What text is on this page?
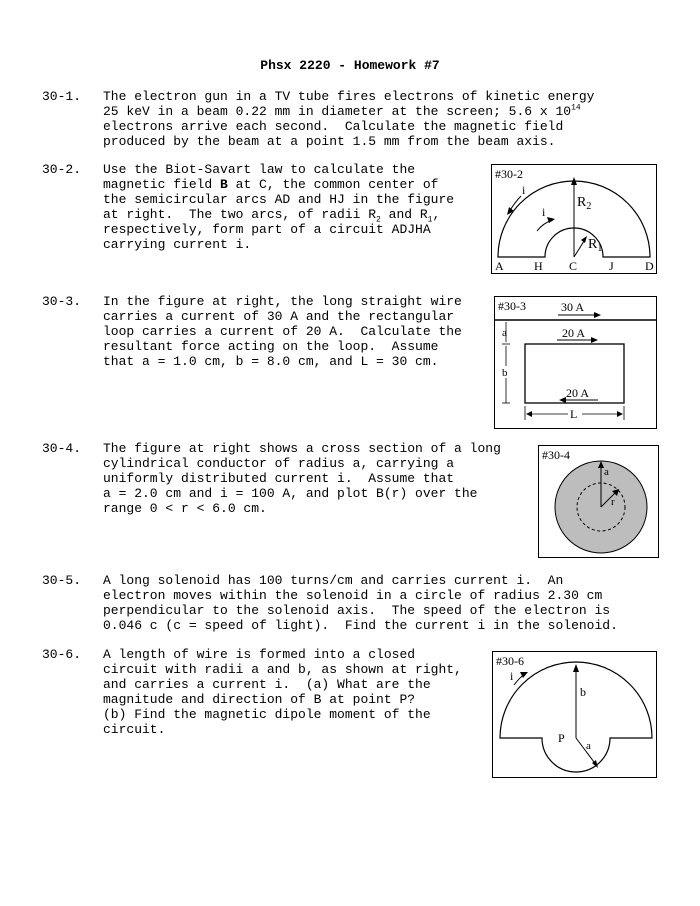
Phsx 2220 - Homework #7
30-1. The electron gun in a TV tube fires electrons of kinetic energy
25 keV in a beam 0.22 mm in diameter at the screen; 5.6 x $10^{14}$
electrons arrive each second.  Calculate the magnetic field
produced by the beam at a point 1.5 mm from the beam axis.
30-2. Use the Biot-Savart law to calculate the
magnetic field B at C, the common center of
the semicircular arcs AD and HJ in the figure
at right.  The two arcs, of radii $R_2$ and $R_1$,
respectively, form part of a circuit ADJHA
carrying current i.
#30-2
i
i
$R_2$
$R_1$
A	H C	J	D
30-3. In the figure at right, the long straight wire
carries a current of 30 A and the rectangular
loop carries a current of 20 A.  Calculate the
resultant force acting on the loop.  Assume
that a = 1.0 cm, b = 8.0 cm, and L = 30 cm.
#30-3	30 A
20 A
20 A
a
b
L
30-4. The figure at right shows a cross section of a long
cylindrical conductor of radius a, carrying a
uniformly distributed current i.  Assume that
a = 2.0 cm and i = 100 A, and plot B(r) over the
range 0 < r < 6.0 cm.
#30-4
a
r
30-5. A long solenoid has 100 turns/cm and carries current i.  An
electron moves within the solenoid in a circle of radius 2.30 cm
perpendicular to the solenoid axis.  The speed of the electron is
0.046 c (c = speed of light).  Find the current i in the solenoid.
30-6. A length of wire is formed into a closed
circuit with radii a and b, as shown at right,
and carries a current i.  (a) What are the
magnitude and direction of B at point P?
(b) Find the magnetic dipole moment of the
circuit.
#30-6
i
b
P
a
